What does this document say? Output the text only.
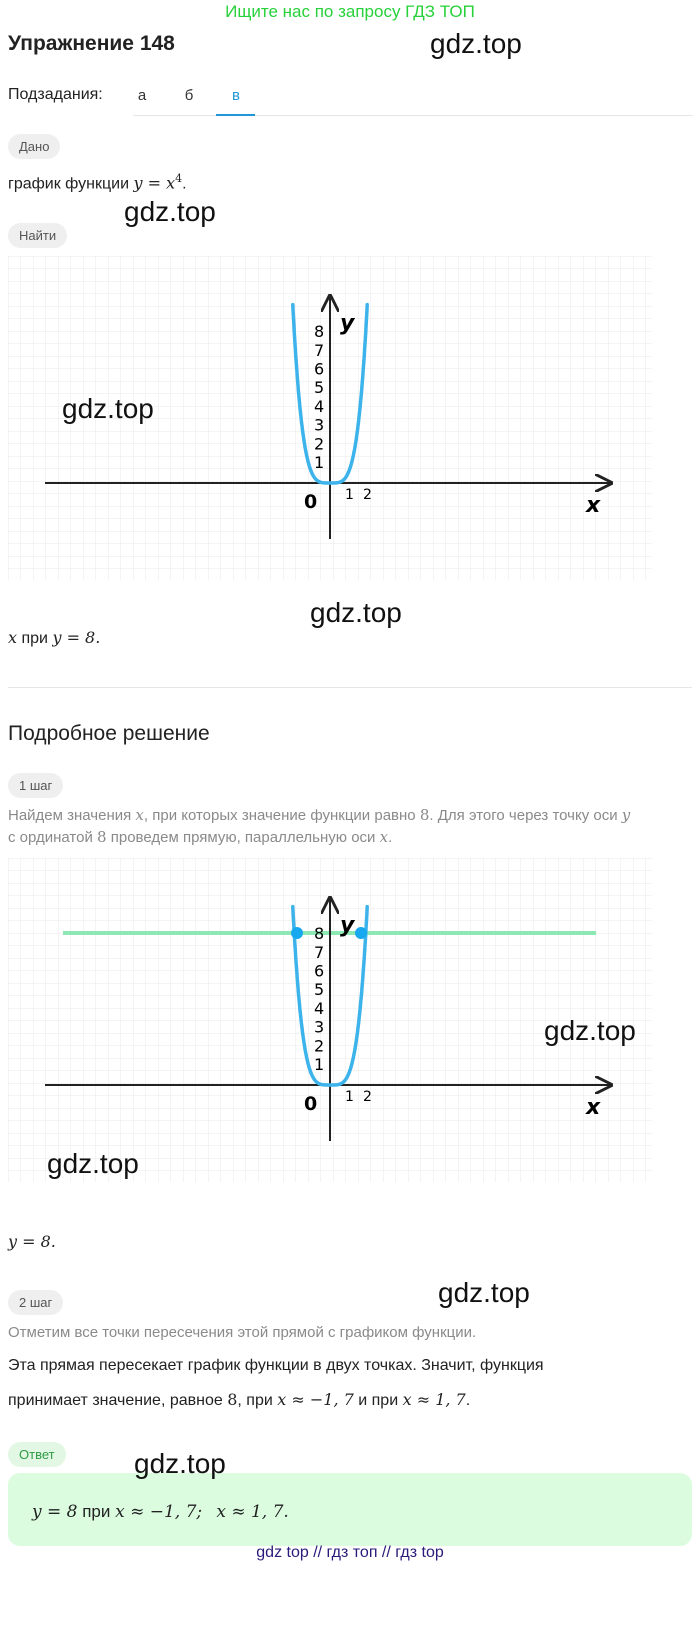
Ищите нас по запросу ГДЗ ТОП
Упражнение 148	gdz.top
Подзадания:	а	б	в
Дано
график функции $y = x^4$.
gdz.top
Найти
y
x
0
1
2
3
4
5
6
7
8
1 2
gdz.top
gdz.top
x при y = 8.
Подробное решение
1 шаг
Найдем значения x, при которых значение функции равно 8. Для этого через точку оси y
с ординатой 8 проведем прямую, параллельную оси x.
y
x
0
1
2
3
4
5
6
7
8
1 2
gdz.top
gdz.top
y = 8.
gdz.top
2 шаг
Отметим все точки пересечения этой прямой с графиком функции.
Эта прямая пересекает график функции в двух точках. Значит, функция
принимает значение, равное 8, при x ≈ −1, 7 и при x ≈ 1, 7.
Ответ	gdz.top
y = 8 при x ≈ −1, 7; x ≈ 1, 7.
gdz top // гдз топ // гдз top
